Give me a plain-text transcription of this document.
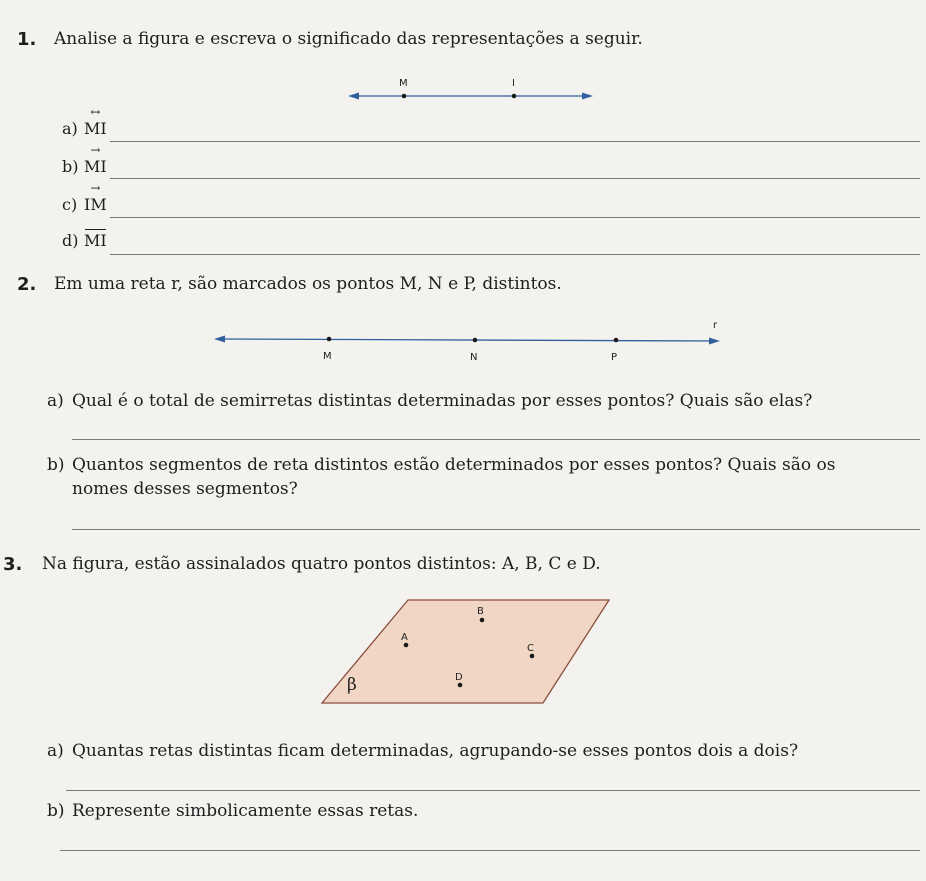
1. Analise a figura e escreva o significado das representações a seguir.
M	I
a)
↔
MI
b)
→
MI
c)
→
IM
d) MI
2. Em uma reta r, são marcados os pontos M, N e P, distintos.
r
M	N	P
a) Qual é o total de semirretas distintas determinadas por esses pontos? Quais são elas?
b) Quantos segmentos de reta distintos estão determinados por esses pontos? Quais são os
nomes desses segmentos?
3. Na figura, estão assinalados quatro pontos distintos: A, B, C e D.
B
A
C
D
β
a) Quantas retas distintas ficam determinadas, agrupando-se esses pontos dois a dois?
b) Represente simbolicamente essas retas.
